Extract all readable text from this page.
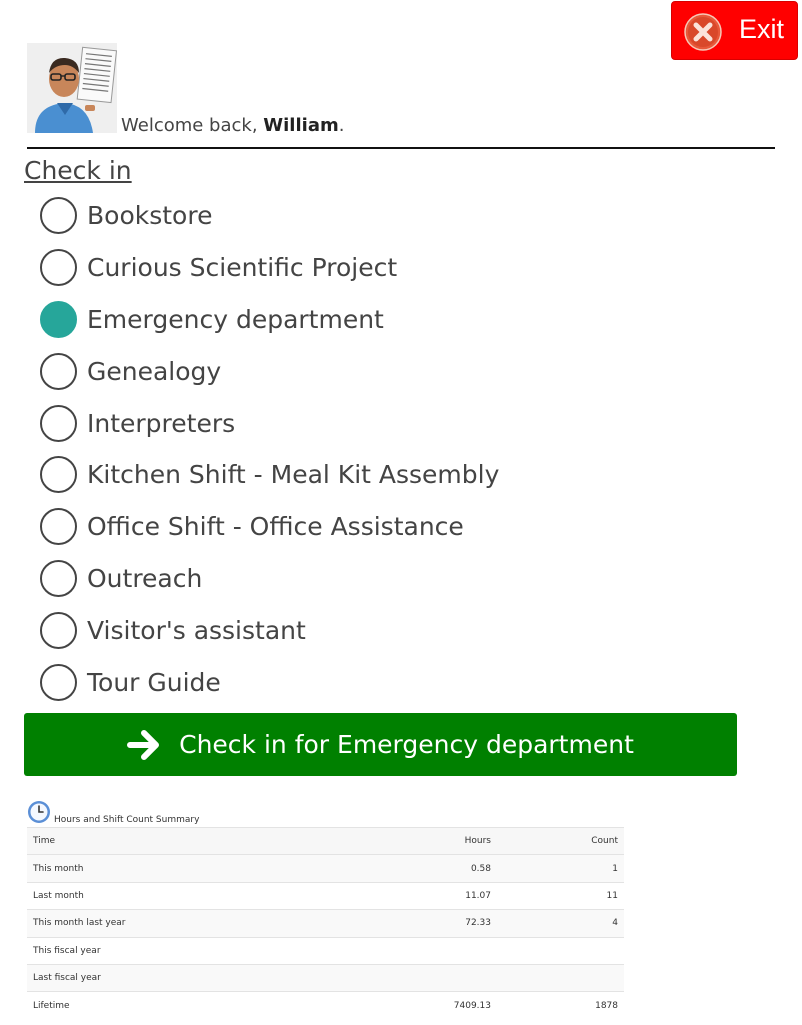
Exit
Welcome back, William.
Check in
Bookstore
Curious Scientific Project
Emergency department
Genealogy
Interpreters
Kitchen Shift - Meal Kit Assembly
Office Shift - Office Assistance
Outreach
Visitor's assistant
Tour Guide
Check in for Emergency department
Hours and Shift Count Summary
Time	Hours	Count
This month	0.58	1
Last month	11.07	11
This month last year	72.33	4
This fiscal year		
Last fiscal year		
Lifetime	7409.13	1878
